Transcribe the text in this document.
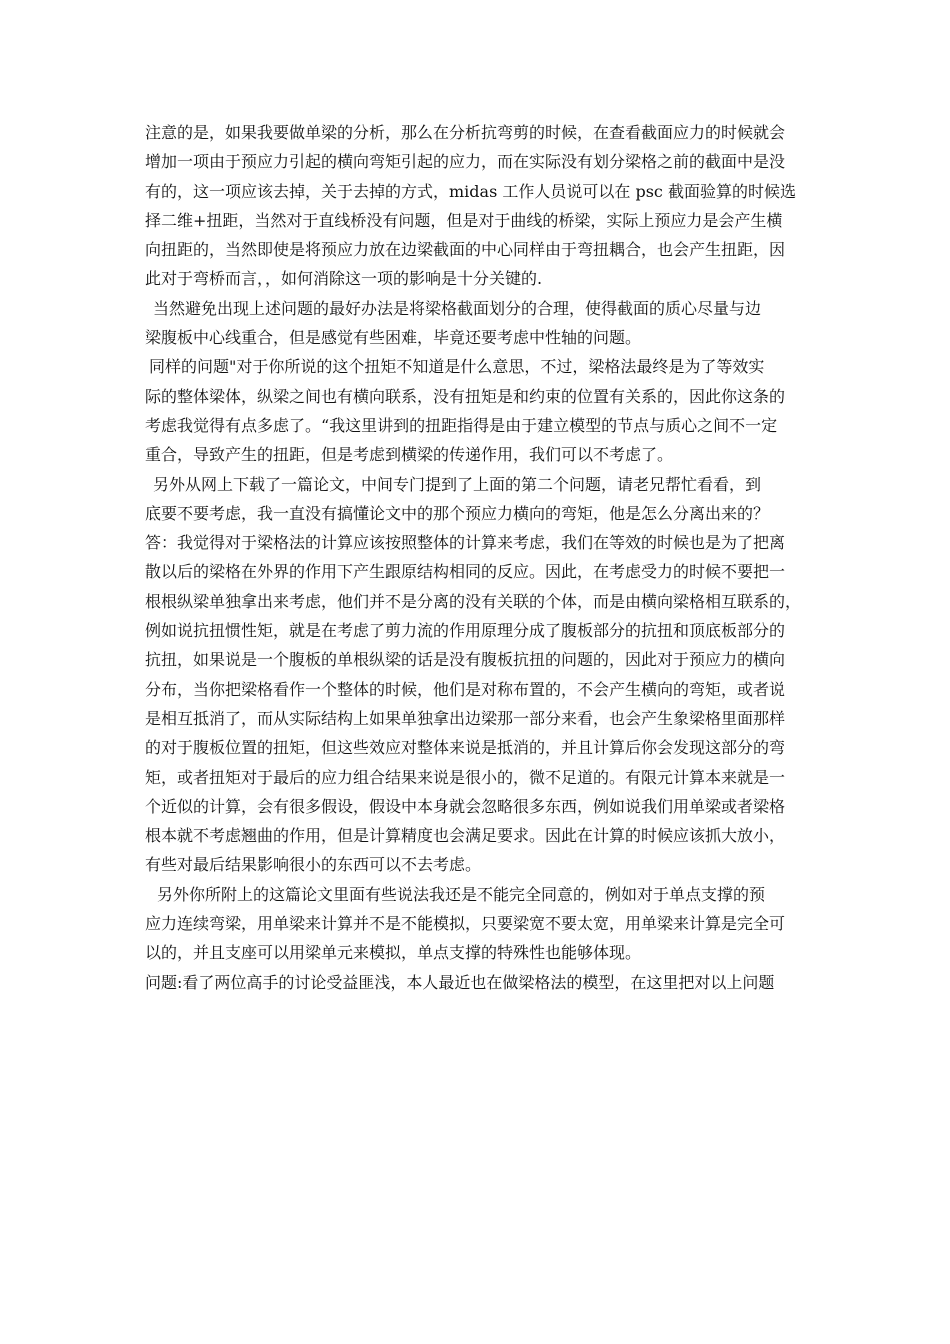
注意的是，如果我要做单梁的分析，那么在分析抗弯剪的时候，在查看截面应力的时候就会
增加一项由于预应力引起的横向弯矩引起的应力，而在实际没有划分梁格之前的截面中是没
有的，这一项应该去掉，关于去掉的方式，midas 工作人员说可以在 psc 截面验算的时候选
择二维+扭距，当然对于直线桥没有问题，但是对于曲线的桥梁，实际上预应力是会产生横
向扭距的，当然即使是将预应力放在边梁截面的中心同样由于弯扭耦合，也会产生扭距，因
此对于弯桥而言，，如何消除这一项的影响是十分关键的.
当然避免出现上述问题的最好办法是将梁格截面划分的合理，使得截面的质心尽量与边
梁腹板中心线重合，但是感觉有些困难，毕竟还要考虑中性轴的问题。
同样的问题"对于你所说的这个扭矩不知道是什么意思，不过，梁格法最终是为了等效实
际的整体梁体，纵梁之间也有横向联系，没有扭矩是和约束的位置有关系的，因此你这条的
考虑我觉得有点多虑了。“我这里讲到的扭距指得是由于建立模型的节点与质心之间不一定
重合，导致产生的扭距，但是考虑到横梁的传递作用，我们可以不考虑了。
另外从网上下载了一篇论文，中间专门提到了上面的第二个问题，请老兄帮忙看看，到
底要不要考虑，我一直没有搞懂论文中的那个预应力横向的弯矩，他是怎么分离出来的？
答：我觉得对于梁格法的计算应该按照整体的计算来考虑，我们在等效的时候也是为了把离
散以后的梁格在外界的作用下产生跟原结构相同的反应。因此，在考虑受力的时候不要把一
根根纵梁单独拿出来考虑，他们并不是分离的没有关联的个体，而是由横向梁格相互联系的，
例如说抗扭惯性矩，就是在考虑了剪力流的作用原理分成了腹板部分的抗扭和顶底板部分的
抗扭，如果说是一个腹板的单根纵梁的话是没有腹板抗扭的问题的，因此对于预应力的横向
分布，当你把梁格看作一个整体的时候，他们是对称布置的，不会产生横向的弯矩，或者说
是相互抵消了，而从实际结构上如果单独拿出边梁那一部分来看，也会产生象梁格里面那样
的对于腹板位置的扭矩，但这些效应对整体来说是抵消的，并且计算后你会发现这部分的弯
矩，或者扭矩对于最后的应力组合结果来说是很小的，微不足道的。有限元计算本来就是一
个近似的计算，会有很多假设，假设中本身就会忽略很多东西，例如说我们用单梁或者梁格
根本就不考虑翘曲的作用，但是计算精度也会满足要求。因此在计算的时候应该抓大放小，
有些对最后结果影响很小的东西可以不去考虑。
另外你所附上的这篇论文里面有些说法我还是不能完全同意的，例如对于单点支撑的预
应力连续弯梁，用单梁来计算并不是不能模拟，只要梁宽不要太宽，用单梁来计算是完全可
以的，并且支座可以用梁单元来模拟，单点支撑的特殊性也能够体现。
问题:看了两位高手的讨论受益匪浅，本人最近也在做梁格法的模型，在这里把对以上问题
